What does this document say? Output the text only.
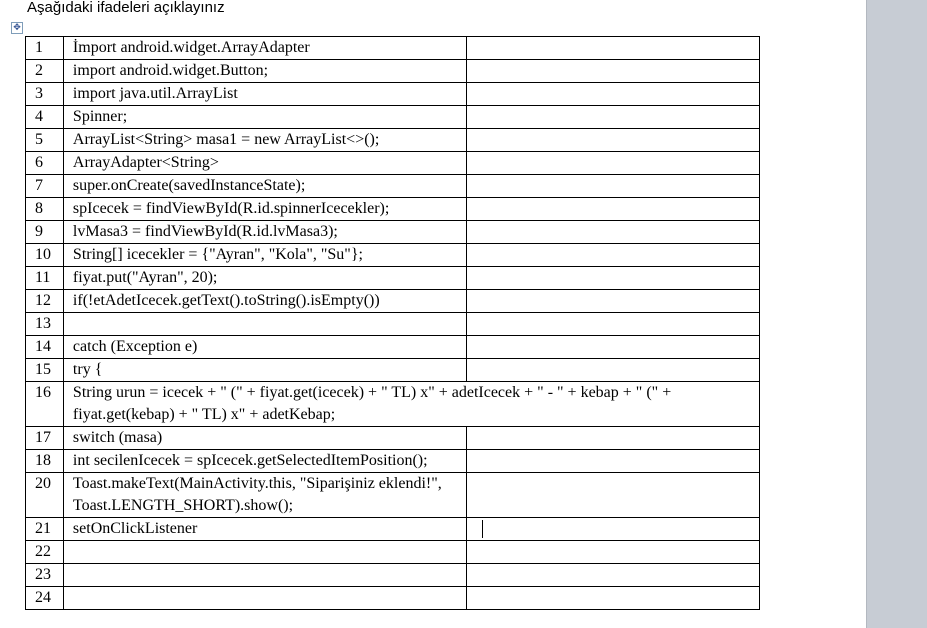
Aşağıdaki ifadeleri açıklayınız
✥
1	İmport android.widget.ArrayAdapter	
2	import android.widget.Button;	
3	import java.util.ArrayList	
4	Spinner;	
5	ArrayList<String> masa1 = new ArrayList<>();	
6	ArrayAdapter<String>	
7	super.onCreate(savedInstanceState);	
8	spIcecek = findViewById(R.id.spinnerIcecekler);	
9	lvMasa3 = findViewById(R.id.lvMasa3);	
10	String[] icecekler = {"Ayran", "Kola", "Su"};	
11	fiyat.put("Ayran", 20);	
12	if(!etAdetIcecek.getText().toString().isEmpty())	
13		
14	catch (Exception e)	
15	try {	
16	String urun = icecek + " (" + fiyat.get(icecek) + " TL) x" + adetIcecek + " - " + kebap + " (" + fiyat.get(kebap) + " TL) x" + adetKebap;	
17	switch (masa)	
18	int secilenIcecek = spIcecek.getSelectedItemPosition();	
20	Toast.makeText(MainActivity.this, "Siparişiniz eklendi!", Toast.LENGTH_SHORT).show();	
21	setOnClickListener	
22		
23		
24		
